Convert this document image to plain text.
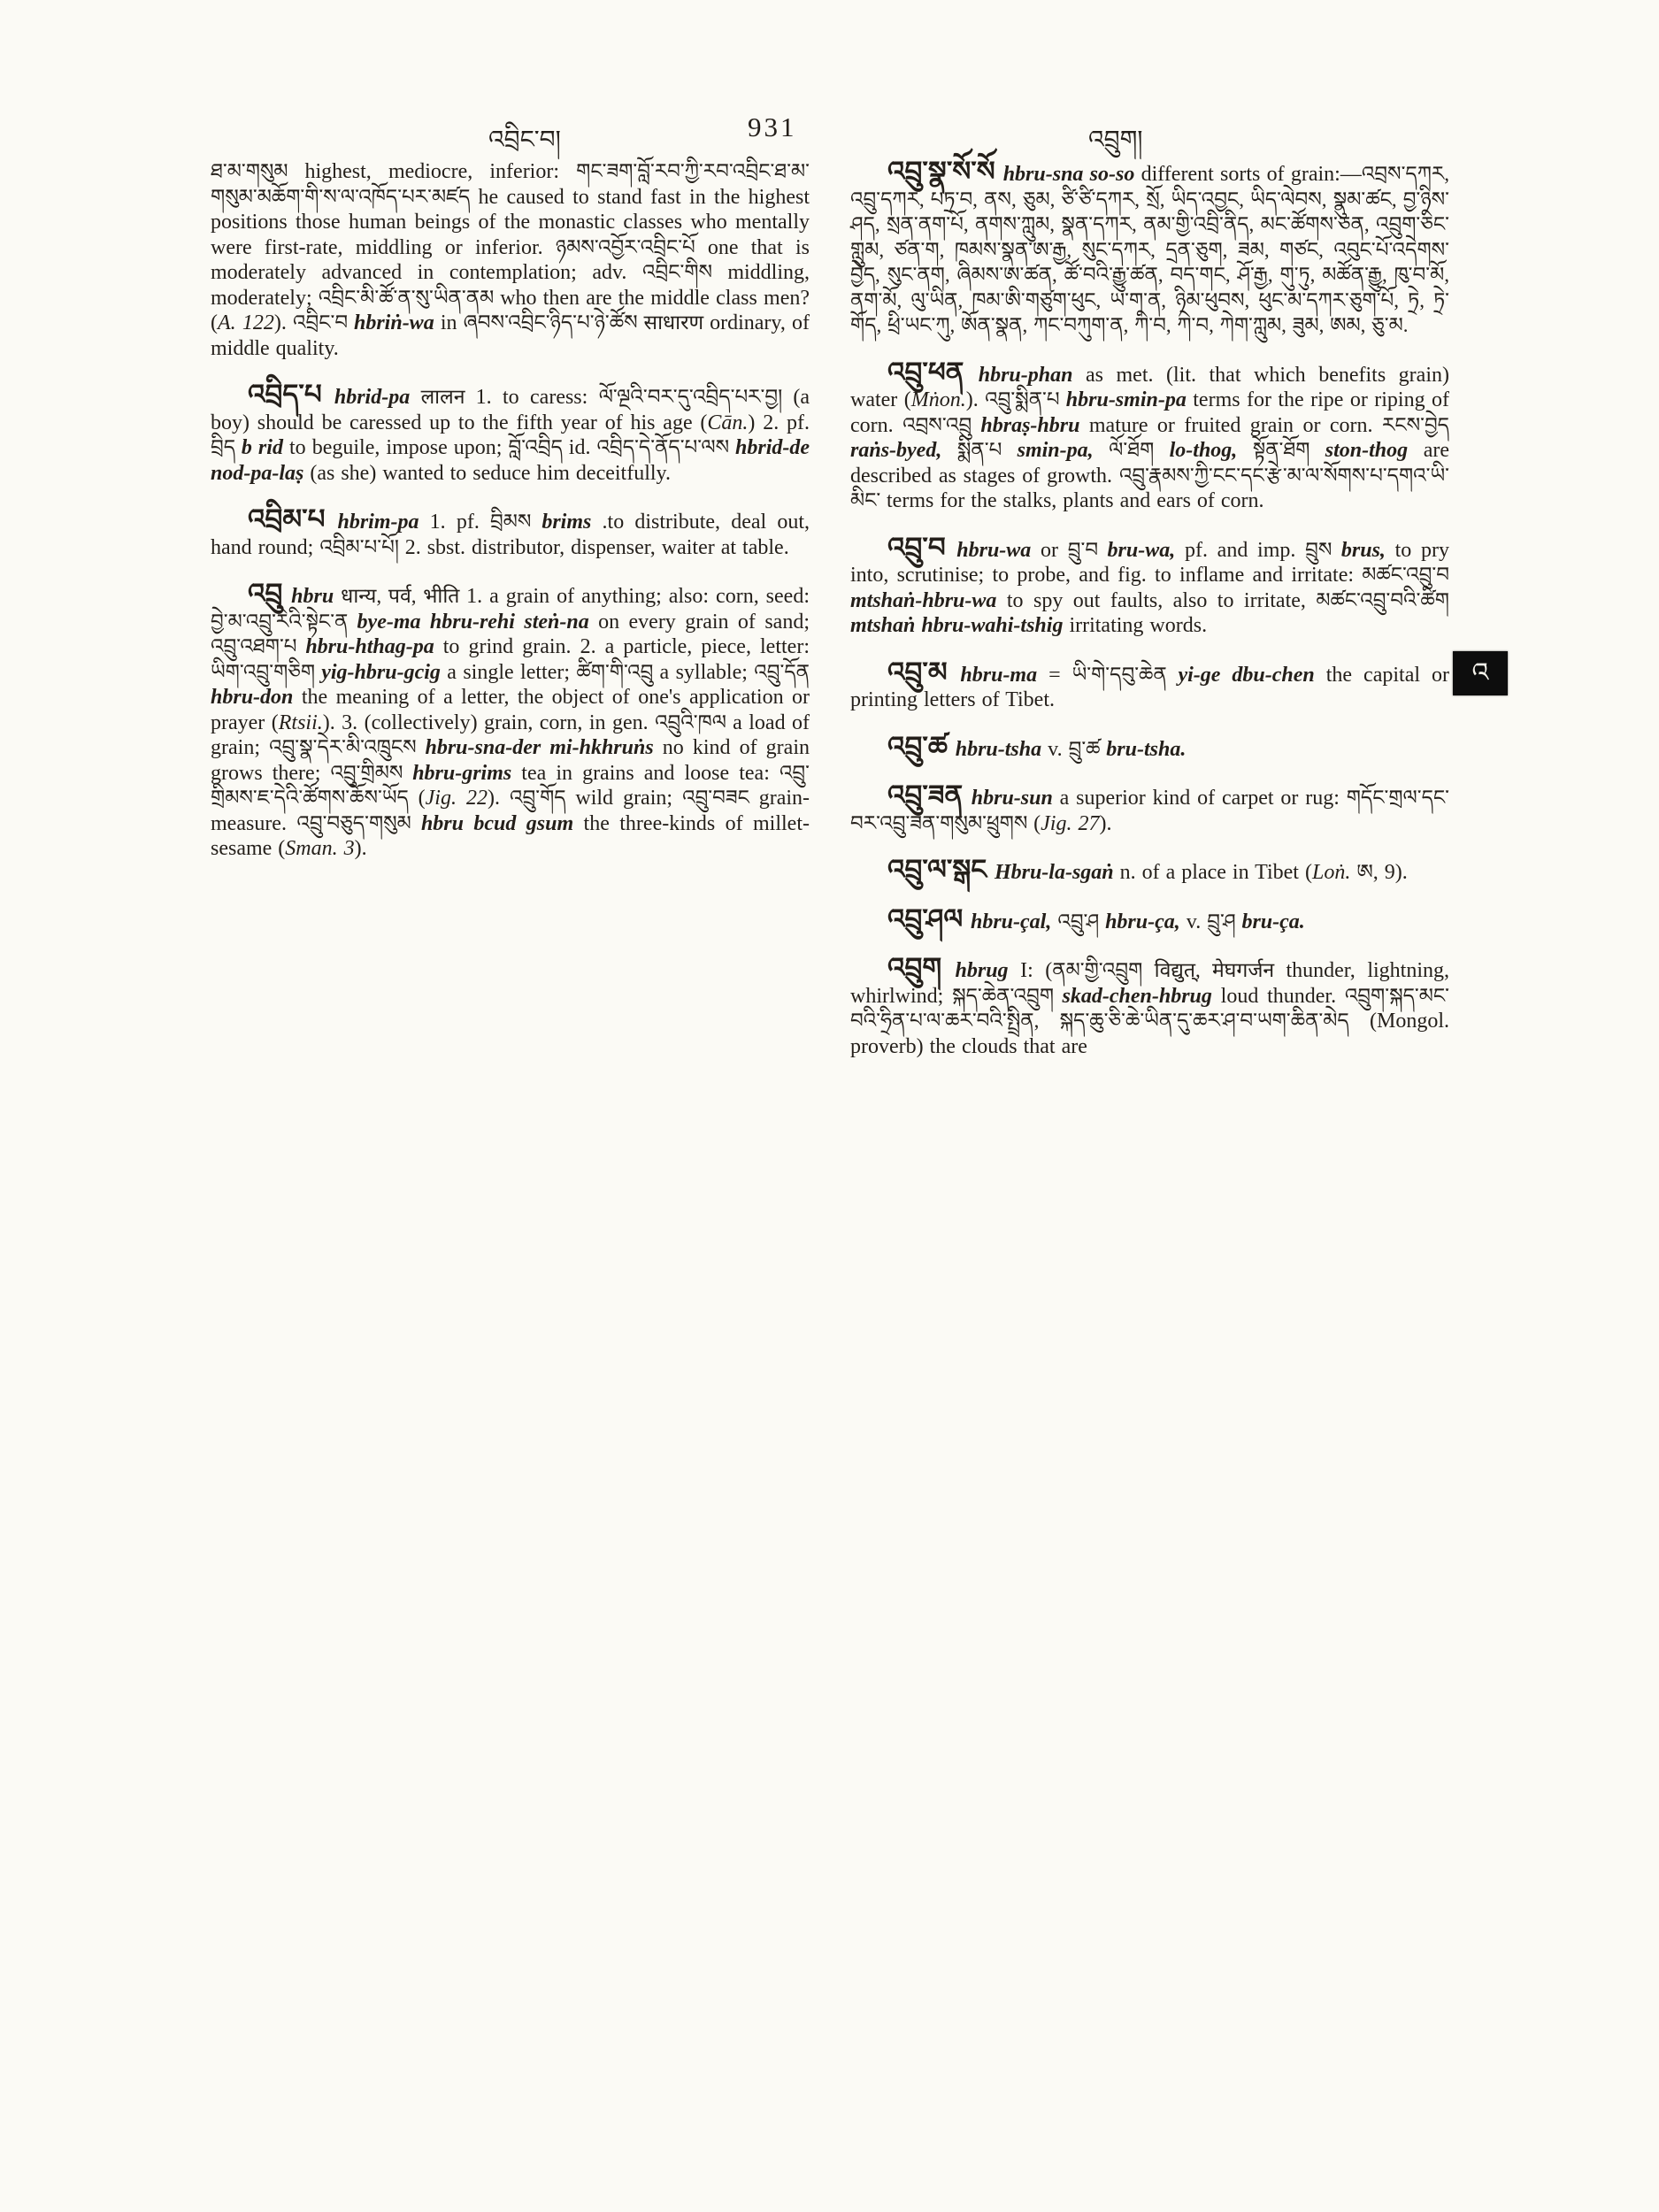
འབྲིང་བ།	931	འབྲུག།

ཐ་མ་གསུམ highest, mediocre, inferior: གང་ཟག་བློ་རབ་ཀྱི་རབ་འབྲིང་ཐ་མ་གསུམ་མཆོག་གི་ས་ལ་འཁོད་པར་མཛད he caused to stand fast in the highest positions those human beings of the monastic classes who mentally were first-rate, middling or inferior. ཉམས་འབྱོར་འབྲིང་པོ one that is moderately advanced in contemplation; adv. འབྲིང་གིས middling, moderately; འབྲིང་མི་ཚོ་ན་སུ་ཡིན་ནམ who then are the middle class men? (A. 122). འབྲིང་བ hbriṅ-wa in ཞབས་འབྲིང་ཉིད་པ་ཉེ་ཚོས साधारण ordinary, of middle quality.

འབྲིད་པ hbrid-pa लालन 1. to caress: ལོ་ལྔའི་བར་དུ་འབྲིད་པར་བྱ། (a boy) should be caressed up to the fifth year of his age (Cān.) 2. pf. བྲིད b rid to beguile, impose upon; བློ་འབྲིད id. འབྲིད་དེ་ནོད་པ་ལས hbrid-de nod-pa-laṣ (as she) wanted to seduce him deceitfully.

འབྲིམ་པ hbrim-pa 1. pf. བྲིམས brims .to distribute, deal out, hand round; འབྲིམ་པ་པོ། 2. sbst. distributor, dispenser, waiter at table.

འབྲུ hbru धान्य, पर्व, भीति 1. a grain of anything; also: corn, seed: བྱེ་མ་འབྲུ་རེའི་སྟེང་ན bye-ma hbru-rehi steṅ-na on every grain of sand; འབྲུ་འཐག་པ hbru-hthag-pa to grind grain. 2. a particle, piece, letter: ཡིག་འབྲུ་གཅིག yig-hbru-gcig a single letter; ཚིག་གི་འབྲུ a syllable; འབྲུ་དོན hbru-don the meaning of a letter, the object of one's application or prayer (Rtsii.). 3. (collectively) grain, corn, in gen. འབྲུའི་ཁལ a load of grain; འབྲུ་སྣ་དེར་མི་འཁྲུངས hbru-sna-der mi-hkhruṅs no kind of grain grows there; འབྲུ་གྲིམས hbru-grims tea in grains and loose tea: འབྲུ་གྲིམས་ཇ་དེའི་ཚོགས་ཆོས་ཡོད (Jig. 22). འབྲུ་གོད wild grain; འབྲུ་བཟང grain-measure. འབྲུ་བཅུད་གསུམ hbru bcud gsum the three-kinds of millet-sesame (Sman. 3).

འབྲུ་སྣ་སོ་སོ hbru-sna so-so different sorts of grain:—འབྲས་དཀར, འབྲུ་དཀར, པཏྲ་བ, ནས, ཅུམ, ཙི་ཙི་དཀར, སྲོ, ཡིད་འབྱང, ཡིད་ལེབས, སྣུམ་ཚང, བྱ་ཉིས་ཤད, སྲན་ནག་པོ, ནགས་ཀླུམ, སྣན་དཀར, ནམ་གྱི་འབྲི་ནིད, མང་ཚོགས་ཅན, འབྲུག་ཅིང་གླུམ, ཙན་ག, ཁམས་སྣན་ཨ་རྒྱ, སུང་དཀར, དྲན་ཅུག, ཟམ, གཙང, འབུང་པོ་འདེགས་བྱེད, སུང་ནག, ཞིམས་ཨ་ཚན, ཚོ་བའི་རྒྱུ་ཚན, བད་གང, ཤོ་རྒྱ, གུ་ཏུ, མཚོན་རྒྱུ, ཁུ་བ་མོ, ནག་མོ, ལུ་ཡིན, ཁམ་ཨི་གཙུག་ཕུང, ཡ་ག་ན, ཉིམ་ཕུབས, ཕུང་མ་དཀར་ཅུག་པོ, ཏྲེ, ཏྲེ་གོད, ཕྲི་ཡང་ཀུ, ཨོན་སྣན, ཀང་བཀུག་ན, ཀི་བ, ཀེ་བ, ཀེག་ཀླུམ, ཟུམ, ཨམ, ཅུ་མ.

འབྲུ་ཕན hbru-phan as met. (lit. that which benefits grain) water (Mṅon.). འབྲུ་སྨིན་པ hbru-smin-pa terms for the ripe or riping of corn. འབྲས་འབྲུ hbraṣ-hbru mature or fruited grain or corn. རངས་བྱེད raṅs-byed, སྨིན་པ smin-pa, ལོ་ཐོག lo-thog, སྟོན་ཐོག ston-thog are described as stages of growth. འབྲུ་རྣམས་ཀྱི་ངང་དང་རྩེ་མ་ལ་སོགས་པ་དགའ་ཡི་མིང་ terms for the stalks, plants and ears of corn.

འབྲུ་བ hbru-wa or བྲུ་བ bru-wa, pf. and imp. བྲུས brus, to pry into, scrutinise; to probe, and fig. to inflame and irritate: མཚང་འབྲུ་བ mtshaṅ-hbru-wa to spy out faults, also to irritate, མཚང་འབྲུ་བའི་ཚིག mtshaṅ hbru-wahi-tshig irritating words.

འབྲུ་མ hbru-ma = ཡི་གེ་དབུ་ཆེན yi-ge dbu-chen the capital or printing letters of Tibet.

འབྲུ་ཚ hbru-tsha v. བྲུ་ཚ bru-tsha.

འབྲུ་ཟན hbru-sun a superior kind of carpet or rug: གདོང་གྲལ་དང་བར་འབྲུ་ཟན་གསུམ་ཕྲུགས (Jig. 27).

འབྲུ་ལ་སྒང Hbru-la-sgaṅ n. of a place in Tibet (Loṅ. ཨ, 9).

འབྲུ་ཤལ hbru-çal, འབྲུ་ཤ hbru-ça, v. བྲུ་ཤ bru-ça.

འབྲུག hbrug I: (ནམ་གྱི་འབྲུག विद्युत्, मेघगर्जन thunder, lightning, whirlwind; སྐད་ཆེན་འབྲུག skad-chen-hbrug loud thunder. འབྲུག་སྐད་མང་བའི་ཧྲིན་པ་ལ་ཆར་བའི་སྤྲིན, སྐད་ཆུ་ཅི་ཆེ་ཡིན་དུ་ཆར་ཤ་བ་ཡག་ཆིན་མེད (Mongol. proverb) the clouds that are

འ
